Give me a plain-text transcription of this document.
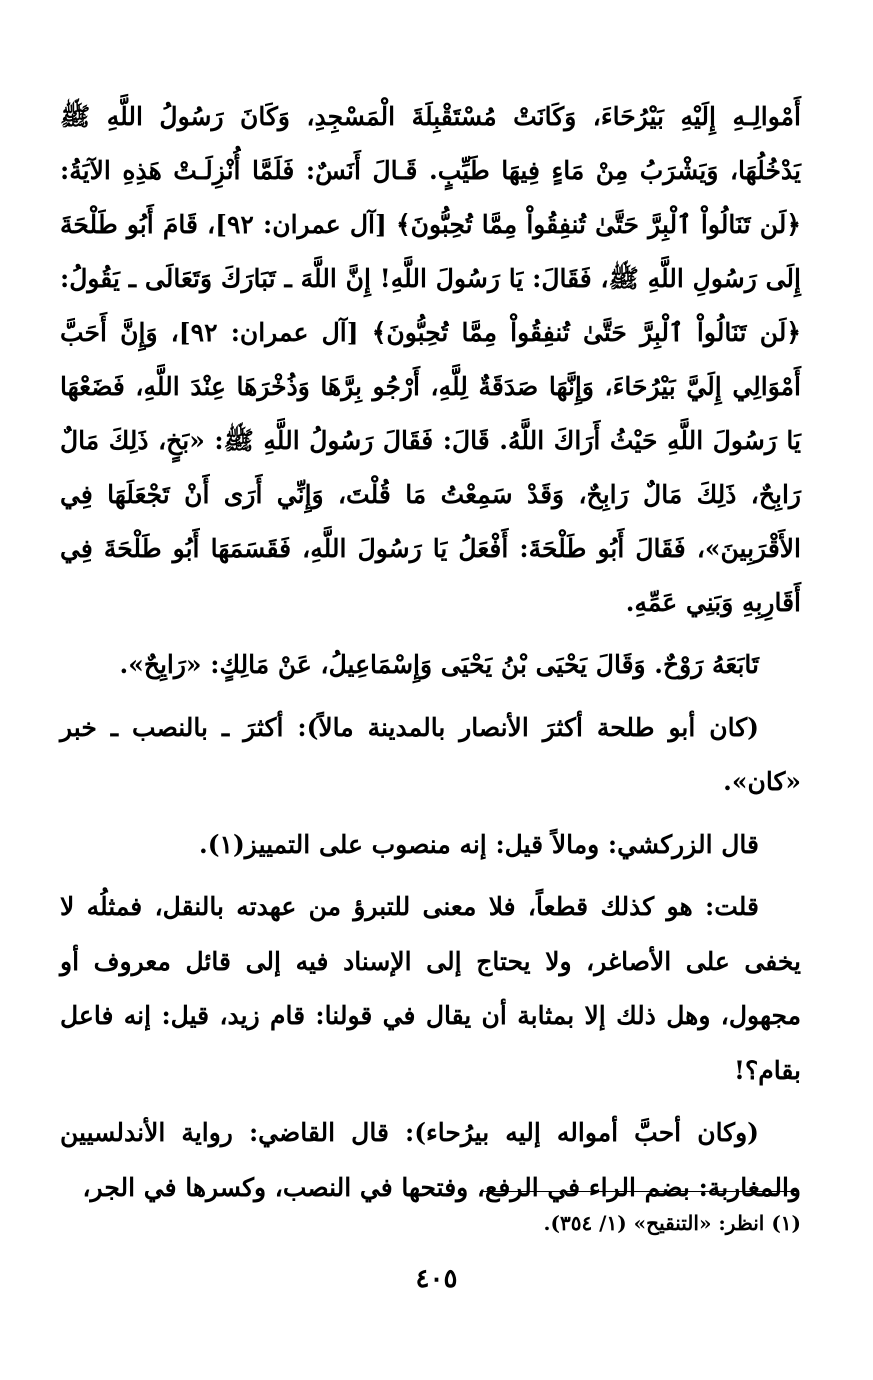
أَمْوالِـهِ إِلَيْهِ بَيْرُحَاءَ، وَكَانَتْ مُسْتَقْبِلَةَ الْمَسْجِدِ، وَكَانَ رَسُولُ اللَّهِ ﷺ يَدْخُلُهَا، وَيَشْرَبُ مِنْ مَاءٍ فِيهَا طَيِّبٍ. قَـالَ أَنَسٌ: فَلَمَّا أُنْزِلَـتْ هَذِهِ الآيَةُ: ﴿لَن تَنَالُواْ ٱلْبِرَّ حَتَّىٰ تُنفِقُواْ مِمَّا تُحِبُّونَ﴾ [آل عمران: ٩٢]، قَامَ أَبُو طَلْحَةَ إِلَى رَسُولِ اللَّهِ ﷺ، فَقَالَ: يَا رَسُولَ اللَّهِ! إِنَّ اللَّهَ ـ تَبَارَكَ وَتَعَالَى ـ يَقُولُ: ﴿لَن تَنَالُواْ ٱلْبِرَّ حَتَّىٰ تُنفِقُواْ مِمَّا تُحِبُّونَ﴾ [آل عمران: ٩٢]، وَإِنَّ أَحَبَّ أَمْوَالِي إِلَيَّ بَيْرُحَاءَ، وَإِنَّهَا صَدَقَةٌ لِلَّهِ، أَرْجُو بِرَّهَا وَذُخْرَهَا عِنْدَ اللَّهِ، فَضَعْهَا يَا رَسُولَ اللَّهِ حَيْثُ أَرَاكَ اللَّهُ. قَالَ: فَقَالَ رَسُولُ اللَّهِ ﷺ: «بَخٍ، ذَلِكَ مَالٌ رَابِحٌ، ذَلِكَ مَالٌ رَابِحٌ، وَقَدْ سَمِعْتُ مَا قُلْتَ، وَإِنِّي أَرَى أَنْ تَجْعَلَهَا فِي الأَقْرَبِينَ»، فَقَالَ أَبُو طَلْحَةَ: أَفْعَلُ يَا رَسُولَ اللَّهِ، فَقَسَمَهَا أَبُو طَلْحَةَ فِي أَقَارِبِهِ وَبَنِي عَمِّهِ.

تَابَعَهُ رَوْحٌ. وَقَالَ يَحْيَى بْنُ يَحْيَى وَإِسْمَاعِيلُ، عَنْ مَالِكٍ: «رَايِحٌ».

(كان أبو طلحة أكثرَ الأنصار بالمدينة مالاً): أكثرَ ـ بالنصب ـ خبر «كان».

قال الزركشي: ومالاً قيل: إنه منصوب على التمييز(١).

قلت: هو كذلك قطعاً، فلا معنى للتبرؤ من عهدته بالنقل، فمثلُه لا يخفى على الأصاغر، ولا يحتاج إلى الإسناد فيه إلى قائل معروف أو مجهول، وهل ذلك إلا بمثابة أن يقال في قولنا: قام زيد، قيل: إنه فاعل بقام؟!

(وكان أحبَّ أمواله إليه بيرُحاء): قال القاضي: رواية الأندلسيين والمغاربة: بضم الراء في الرفع، وفتحها في النصب، وكسرها في الجر،

(١) انظر: «التنقيح» (١/ ٣٥٤).
٤٠٥
